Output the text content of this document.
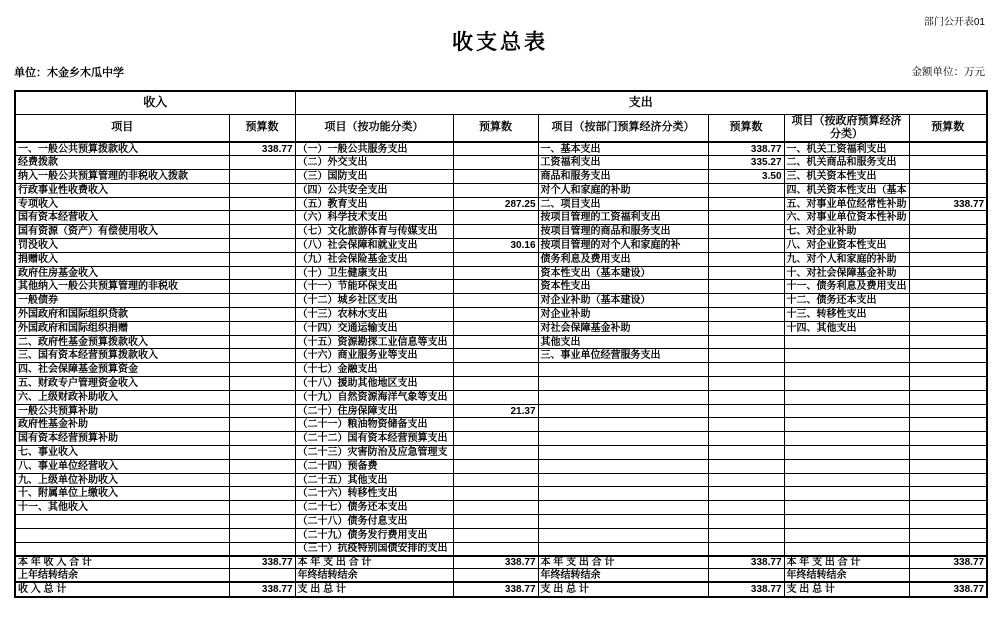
部门公开表01
收支总表
单位：木金乡木瓜中学	金额单位：万元
收入		支出					
项目	预算数	项目（按功能分类）	预算数	项目（按部门预算经济分类）	预算数	项目（按政府预算经济分类）	预算数
一、一般公共预算拨款收入	338.77	（一）一般公共服务支出		一、基本支出	338.77	一、机关工资福利支出	
经费拨款		（二）外交支出		工资福利支出	335.27	二、机关商品和服务支出	
纳入一般公共预算管理的非税收入拨款		（三）国防支出		商品和服务支出	3.50	三、机关资本性支出	
行政事业性收费收入		（四）公共安全支出		对个人和家庭的补助		四、机关资本性支出（基本	
专项收入		（五）教育支出	287.25	二、项目支出		五、对事业单位经常性补助	338.77
国有资本经营收入		（六）科学技术支出		按项目管理的工资福利支出		六、对事业单位资本性补助	
国有资源（资产）有偿使用收入		（七）文化旅游体育与传媒支出		按项目管理的商品和服务支出		七、对企业补助	
罚没收入		（八）社会保障和就业支出	30.16	按项目管理的对个人和家庭的补		八、对企业资本性支出	
捐赠收入		（九）社会保险基金支出		债务利息及费用支出		九、对个人和家庭的补助	
政府住房基金收入		（十）卫生健康支出		资本性支出（基本建设）		十、对社会保障基金补助	
其他纳入一般公共预算管理的非税收		（十一）节能环保支出		资本性支出		十一、债务利息及费用支出	
一般债券		（十二）城乡社区支出		对企业补助（基本建设）		十二、债务还本支出	
外国政府和国际组织贷款		（十三）农林水支出		对企业补助		十三、转移性支出	
外国政府和国际组织捐赠		（十四）交通运输支出		对社会保障基金补助		十四、其他支出	
二、政府性基金预算拨款收入		（十五）资源勘探工业信息等支出		其他支出			
三、国有资本经营预算拨款收入		（十六）商业服务业等支出		三、事业单位经营服务支出			
四、社会保障基金预算资金		（十七）金融支出					
五、财政专户管理资金收入		（十八）援助其他地区支出					
六、上级财政补助收入		（十九）自然资源海洋气象等支出					
一般公共预算补助		（二十）住房保障支出	21.37				
政府性基金补助		（二十一）粮油物资储备支出					
国有资本经营预算补助		（二十二）国有资本经营预算支出					
七、事业收入		（二十三）灾害防治及应急管理支					
八、事业单位经营收入		（二十四）预备费					
九、上级单位补助收入		（二十五）其他支出					
十、附属单位上缴收入		（二十六）转移性支出					
十一、其他收入		（二十七）债务还本支出					
		（二十八）债务付息支出					
		（二十九）债务发行费用支出					
		（三十）抗疫特别国债安排的支出					
本 年 收 入 合 计	338.77	本 年 支 出 合 计	338.77	本 年 支 出 合 计	338.77	本 年 支 出 合 计	338.77
上年结转结余		年终结转结余		年终结转结余		年终结转结余	
收 入 总 计	338.77	支 出 总 计	338.77	支 出 总 计	338.77	支 出 总 计	338.77
